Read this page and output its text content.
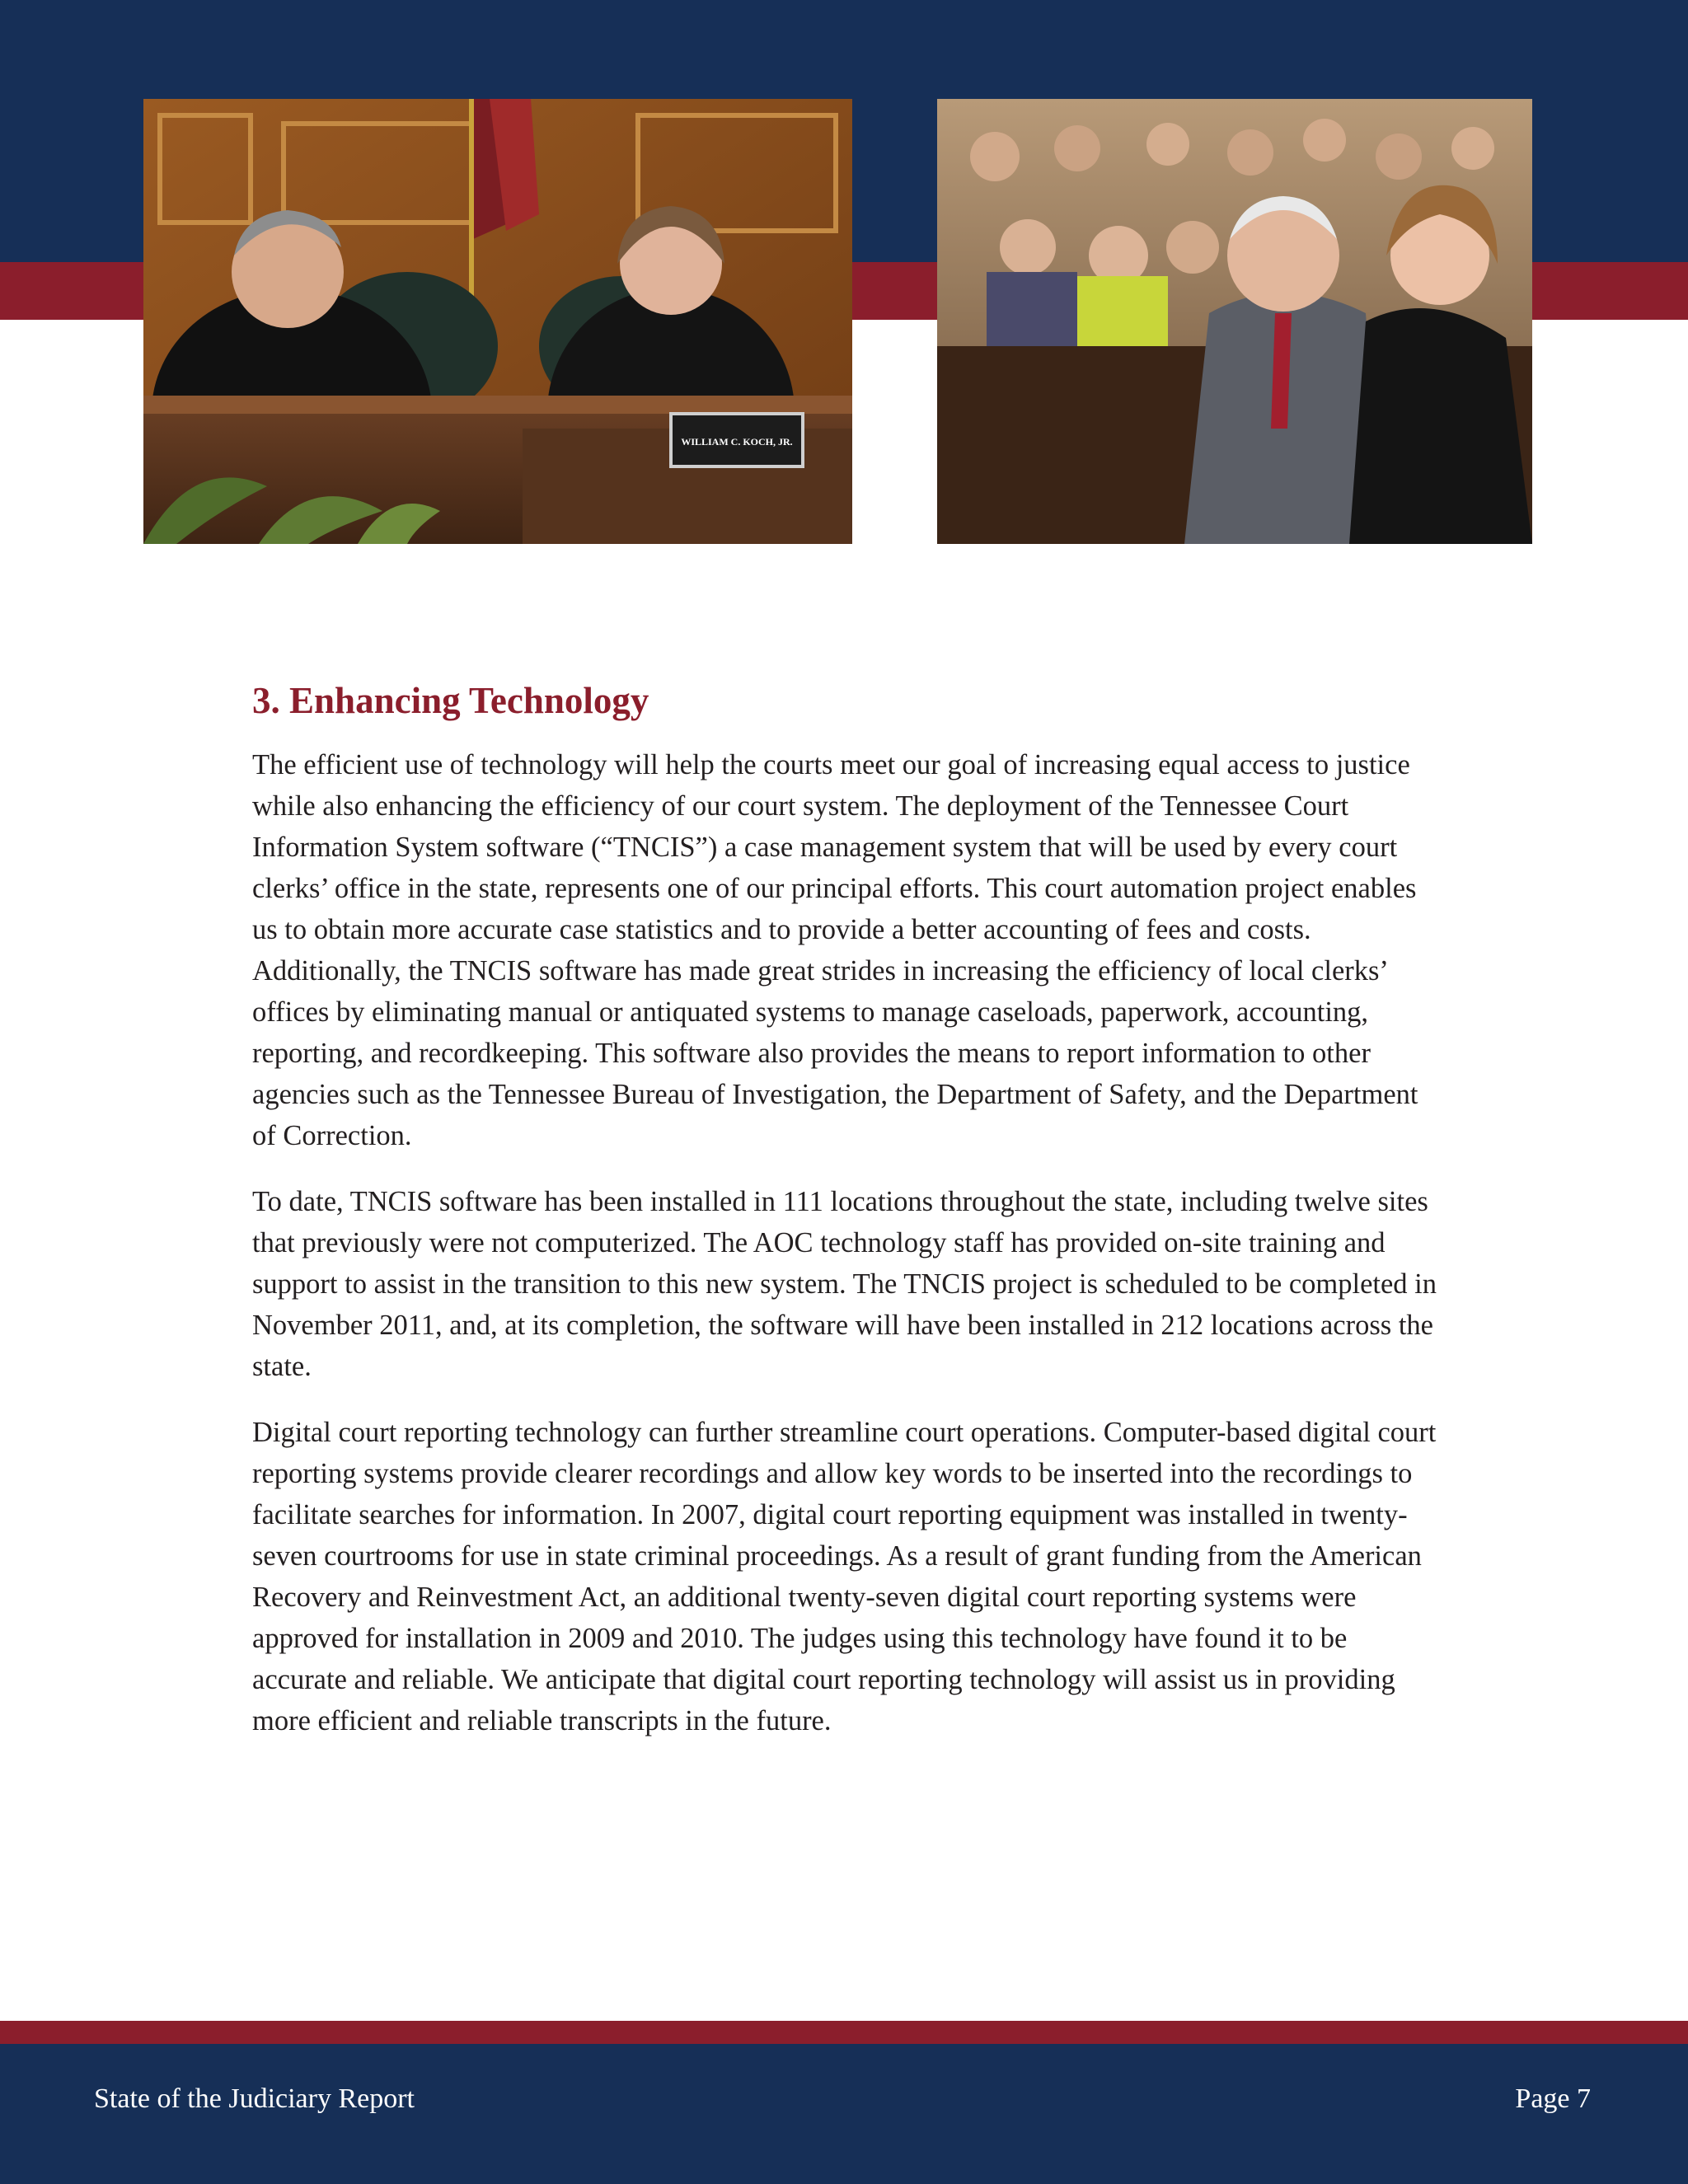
WILLIAM C. KOCH, JR.
3. Enhancing Technology

The efficient use of technology will help the courts meet our goal of increasing equal access to justice while also enhancing the efficiency of our court system. The deployment of the Tennessee Court Information System software (“TNCIS”) a case management system that will be used by every court clerks’ office in the state, represents one of our principal efforts. This court automation project enables us to obtain more accurate case statistics and to provide a better accounting of fees and costs. Additionally, the TNCIS software has made great strides in increasing the efficiency of local clerks’ offices by eliminating manual or antiquated systems to manage caseloads, paperwork, accounting, reporting, and recordkeeping. This software also provides the means to report information to other agencies such as the Tennessee Bureau of Investigation, the Department of Safety, and the Department of Correction.

To date, TNCIS software has been installed in 111 locations throughout the state, including twelve sites that previously were not computerized. The AOC technology staff has provided on-site training and support to assist in the transition to this new system. The TNCIS project is scheduled to be completed in November 2011, and, at its completion, the software will have been installed in 212 locations across the state.

Digital court reporting technology can further streamline court operations. Computer-based digital court reporting systems provide clearer recordings and allow key words to be inserted into the recordings to facilitate searches for information. In 2007, digital court reporting equipment was installed in twenty-seven courtrooms for use in state criminal proceedings. As a result of grant funding from the American Recovery and Reinvestment Act, an additional twenty-seven digital court reporting systems were approved for installation in 2009 and 2010. The judges using this technology have found it to be accurate and reliable. We anticipate that digital court reporting technology will assist us in providing more efficient and reliable transcripts in the future.

State of the Judiciary Report	Page 7
